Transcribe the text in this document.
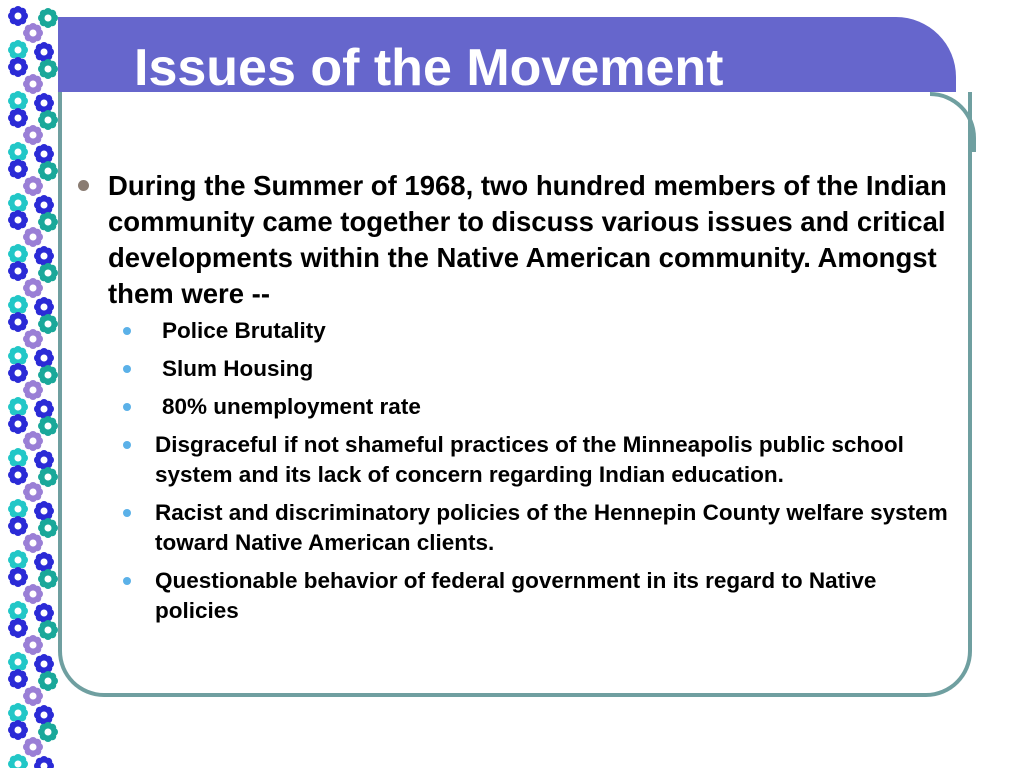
Issues of the Movement
During the Summer of 1968, two hundred members of the Indian community came together to discuss various issues and critical developments within the Native American community. Amongst them were --
Police Brutality
Slum Housing
80% unemployment rate
Disgraceful if not shameful practices of the Minneapolis public school system and its lack of concern regarding Indian education.
Racist and discriminatory policies of the Hennepin County welfare system toward Native American clients.
Questionable behavior of federal government in its regard to Native policies
